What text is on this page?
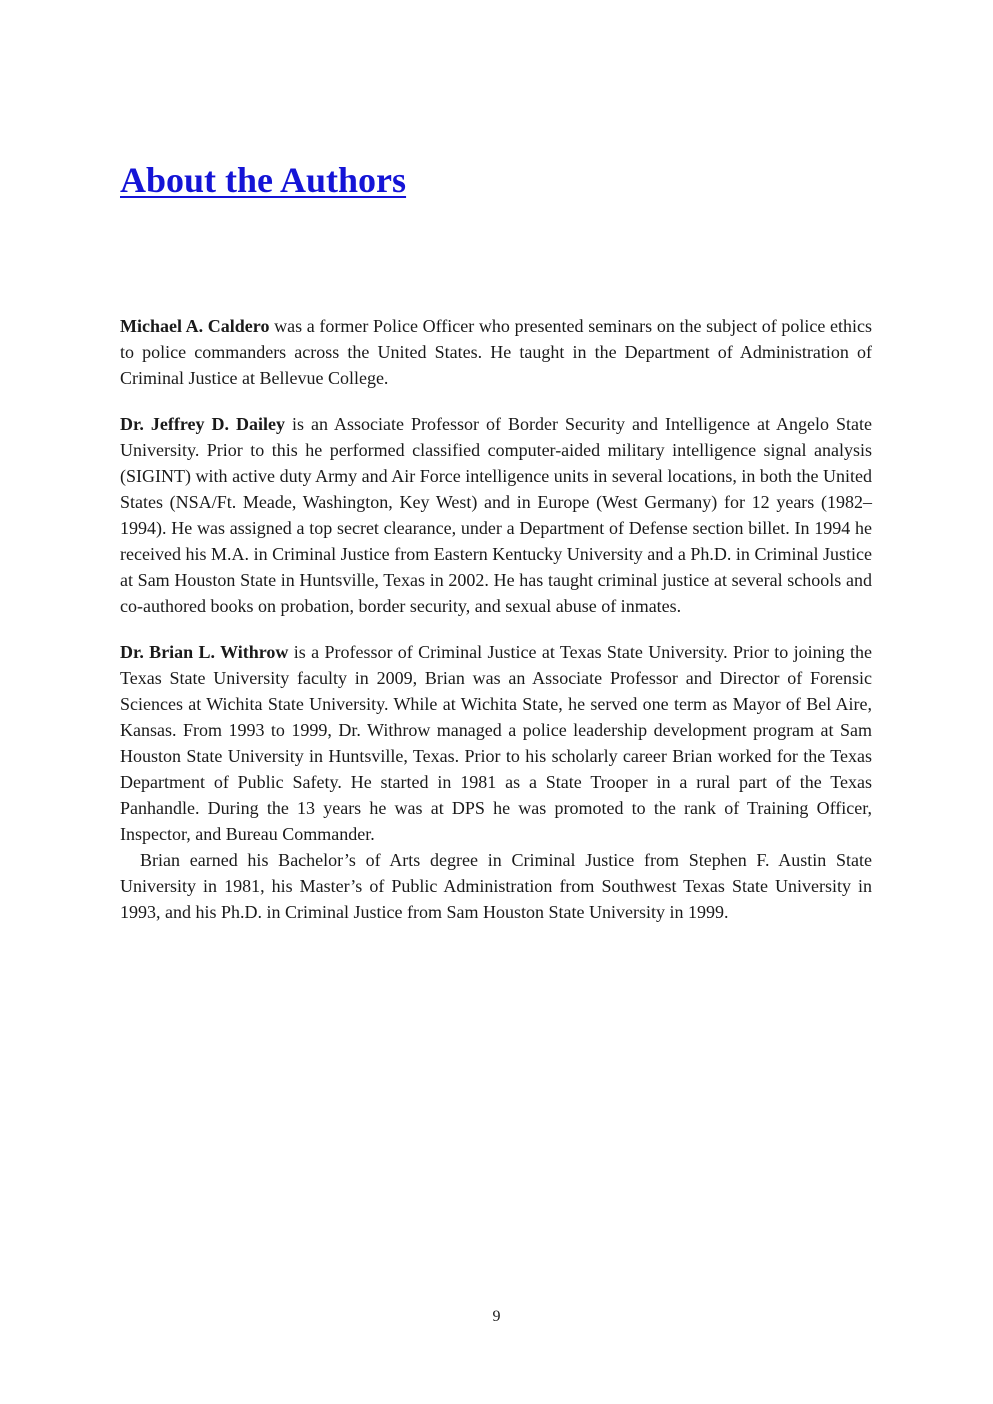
About the Authors

Michael A. Caldero was a former Police Officer who presented seminars on the subject of police ethics to police commanders across the United States. He taught in the Department of Administration of Criminal Justice at Bellevue College.

Dr. Jeffrey D. Dailey is an Associate Professor of Border Security and Intelligence at Angelo State University. Prior to this he performed classified computer-aided military intelligence signal analysis (SIGINT) with active duty Army and Air Force intelligence units in several locations, in both the United States (NSA/Ft. Meade, Washington, Key West) and in Europe (West Germany) for 12 years (1982–1994). He was assigned a top secret clearance, under a Department of Defense section billet. In 1994 he received his M.A. in Criminal Justice from Eastern Kentucky University and a Ph.D. in Criminal Justice at Sam Houston State in Huntsville, Texas in 2002. He has taught criminal justice at several schools and co-authored books on probation, border security, and sexual abuse of inmates.

Dr. Brian L. Withrow is a Professor of Criminal Justice at Texas State University. Prior to joining the Texas State University faculty in 2009, Brian was an Associate Professor and Director of Forensic Sciences at Wichita State University. While at Wichita State, he served one term as Mayor of Bel Aire, Kansas. From 1993 to 1999, Dr. Withrow managed a police leadership development program at Sam Houston State University in Huntsville, Texas. Prior to his scholarly career Brian worked for the Texas Department of Public Safety. He started in 1981 as a State Trooper in a rural part of the Texas Panhandle. During the 13 years he was at DPS he was promoted to the rank of Training Officer, Inspector, and Bureau Commander.

Brian earned his Bachelor’s of Arts degree in Criminal Justice from Stephen F. Austin State University in 1981, his Master’s of Public Administration from Southwest Texas State University in 1993, and his Ph.D. in Criminal Justice from Sam Houston State University in 1999.

9
